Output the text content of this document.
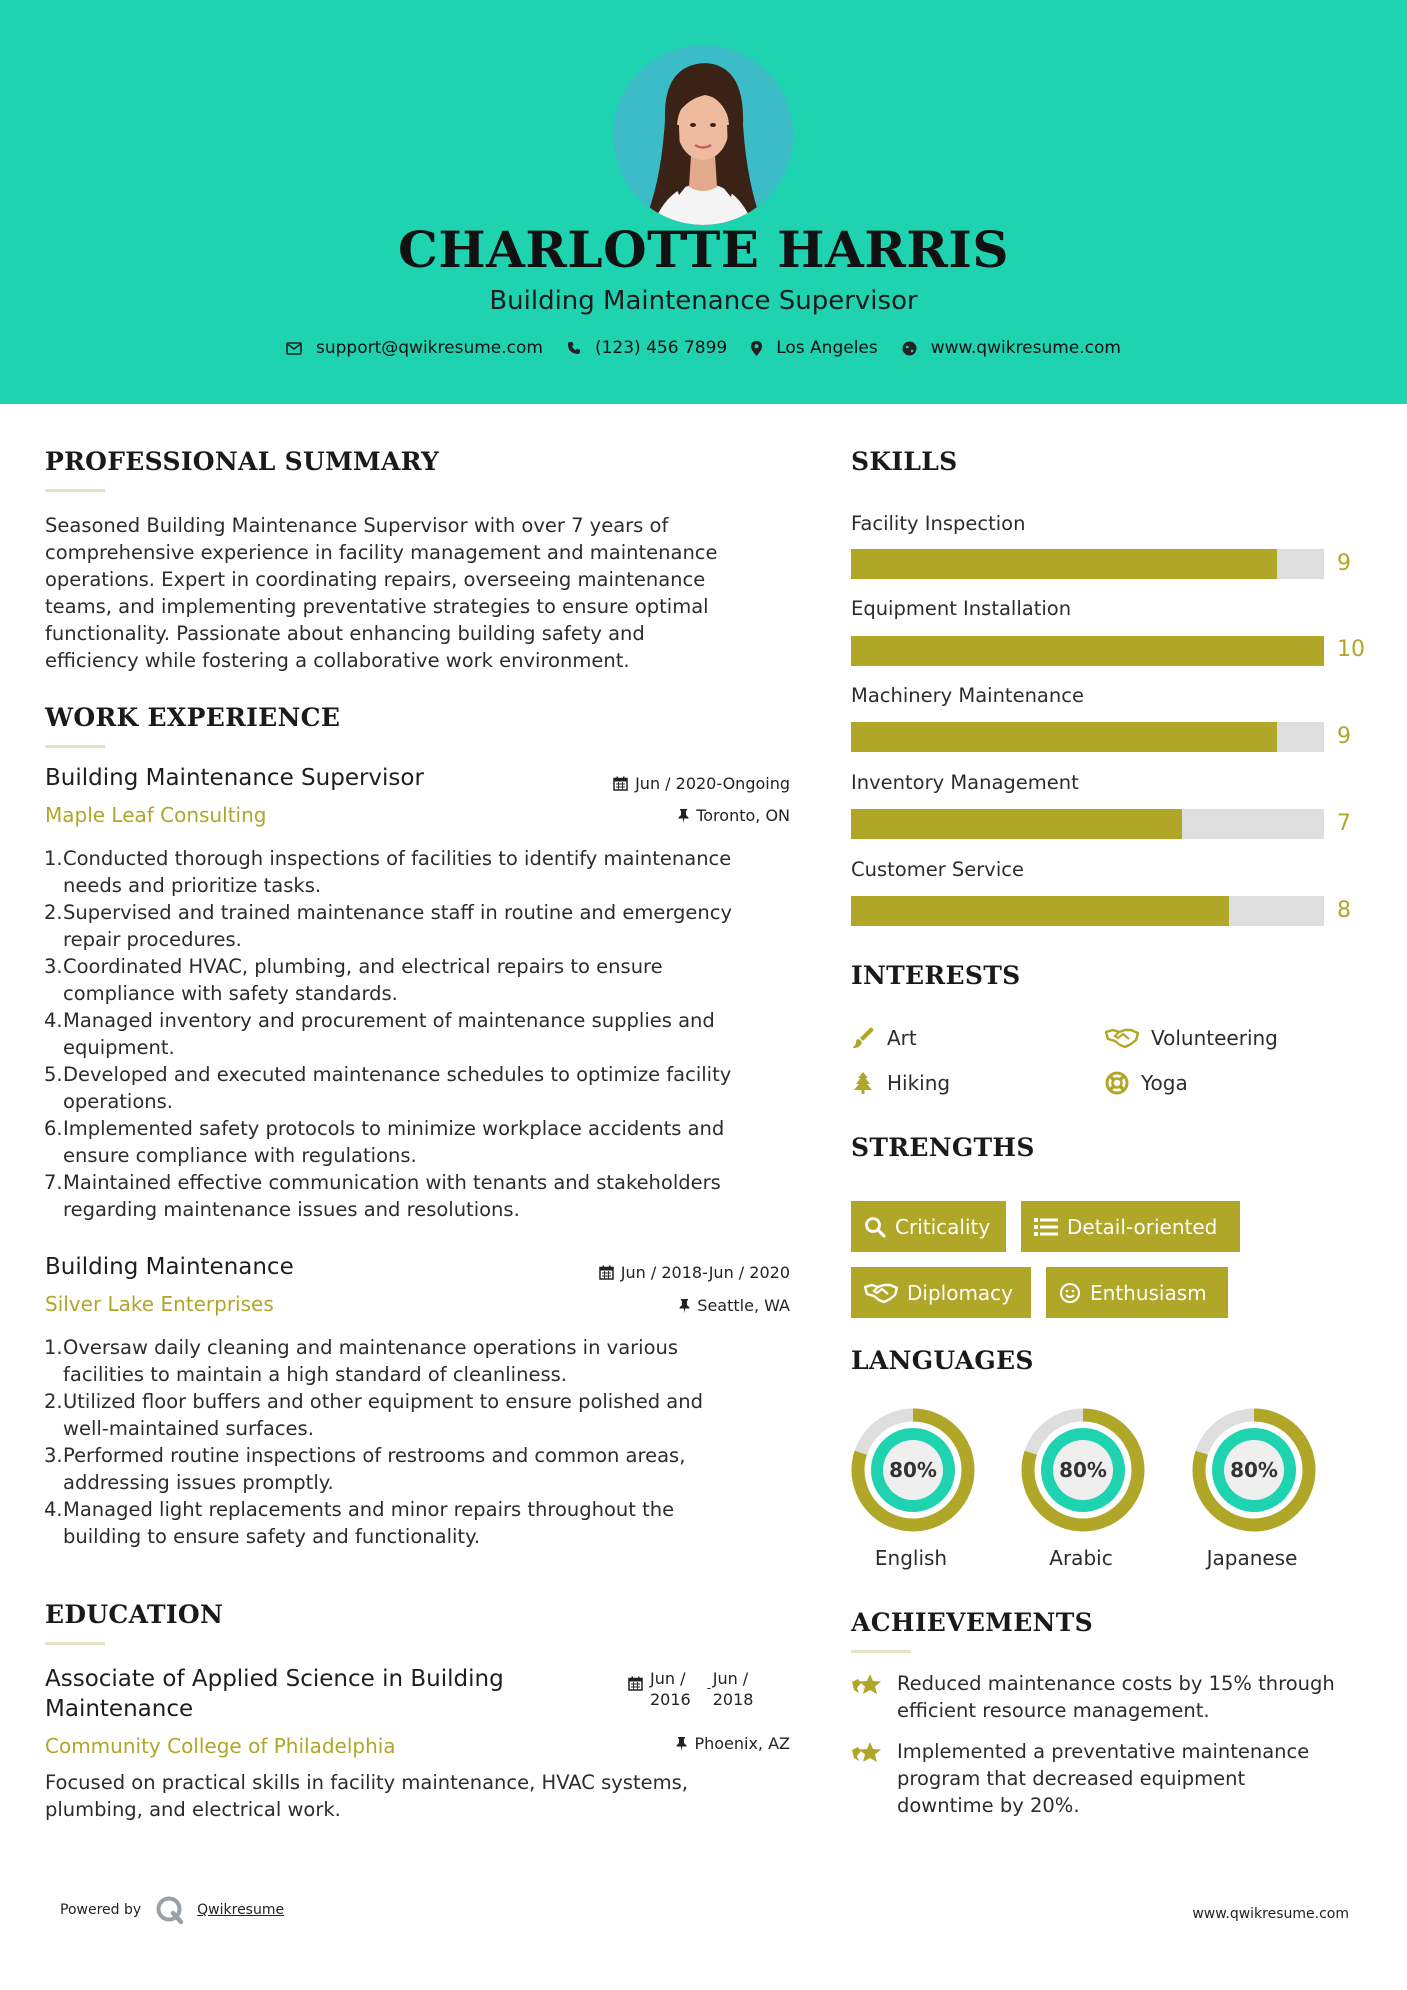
CHARLOTTE HARRIS
Building Maintenance Supervisor
support@qwikresume.com	(123) 456 7899	Los Angeles	www.qwikresume.com
PROFESSIONAL SUMMARY
Seasoned Building Maintenance Supervisor with over 7 years of
comprehensive experience in facility management and maintenance
operations. Expert in coordinating repairs, overseeing maintenance
teams, and implementing preventative strategies to ensure optimal
functionality. Passionate about enhancing building safety and
efficiency while fostering a collaborative work environment.
WORK EXPERIENCE
Building Maintenance Supervisor	Jun / 2020-Ongoing
Maple Leaf Consulting	Toronto, ON
1. Conducted thorough inspections of facilities to identify maintenance
needs and prioritize tasks.
2. Supervised and trained maintenance staff in routine and emergency
repair procedures.
3. Coordinated HVAC, plumbing, and electrical repairs to ensure
compliance with safety standards.
4. Managed inventory and procurement of maintenance supplies and
equipment.
5. Developed and executed maintenance schedules to optimize facility
operations.
6. Implemented safety protocols to minimize workplace accidents and
ensure compliance with regulations.
7. Maintained effective communication with tenants and stakeholders
regarding maintenance issues and resolutions.
Building Maintenance	Jun / 2018-Jun / 2020
Silver Lake Enterprises	Seattle, WA
1. Oversaw daily cleaning and maintenance operations in various
facilities to maintain a high standard of cleanliness.
2. Utilized floor buffers and other equipment to ensure polished and
well-maintained surfaces.
3. Performed routine inspections of restrooms and common areas,
addressing issues promptly.
4. Managed light replacements and minor repairs throughout the
building to ensure safety and functionality.
EDUCATION
Associate of Applied Science in Building
Maintenance
Jun /
2016
- Jun /
2018
Community College of Philadelphia	Phoenix, AZ
Focused on practical skills in facility maintenance, HVAC systems,
plumbing, and electrical work.
SKILLS
Facility Inspection
9
Equipment Installation
10
Machinery Maintenance
9
Inventory Management
7
Customer Service
8
INTERESTS
Art	Volunteering
Hiking	Yoga
STRENGTHS
Criticality	Detail-oriented
Diplomacy	Enthusiasm
LANGUAGES
80%	80%	80%
English	Arabic	Japanese
ACHIEVEMENTS
Reduced maintenance costs by 15% through
efficient resource management.
Implemented a preventative maintenance
program that decreased equipment
downtime by 20%.
Powered by	Qwikresume	www.qwikresume.com
